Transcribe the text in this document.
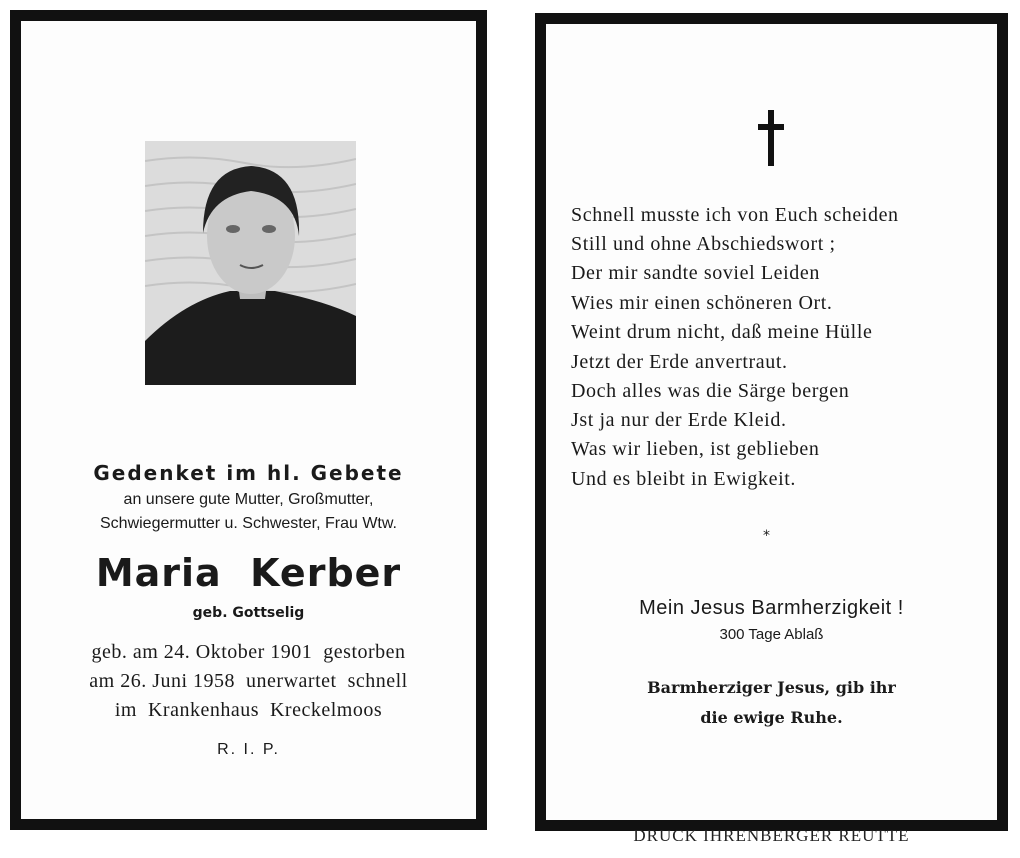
Gedenket im hl. Gebete
an unsere gute Mutter, Großmutter,
Schwiegermutter u. Schwester, Frau Wtw.
Maria  Kerber
geb. Gottselig
geb. am 24. Oktober 1901  gestorben
am 26. Juni 1958  unerwartet  schnell
im  Krankenhaus  Kreckelmoos
R. I. P.
Schnell musste ich von Euch scheiden
Still und ohne Abschiedswort ;
Der mir sandte soviel Leiden
Wies mir einen schöneren Ort.
Weint drum nicht, daß meine Hülle
Jetzt der Erde anvertraut.
Doch alles was die Särge bergen
Jst ja nur der Erde Kleid.
Was wir lieben, ist geblieben
Und es bleibt in Ewigkeit.
*
Mein Jesus Barmherzigkeit !
300 Tage Ablaß
Barmherziger Jesus, gib ihr
die ewige Ruhe.
DRUCK IHRENBERGER REUTTE
